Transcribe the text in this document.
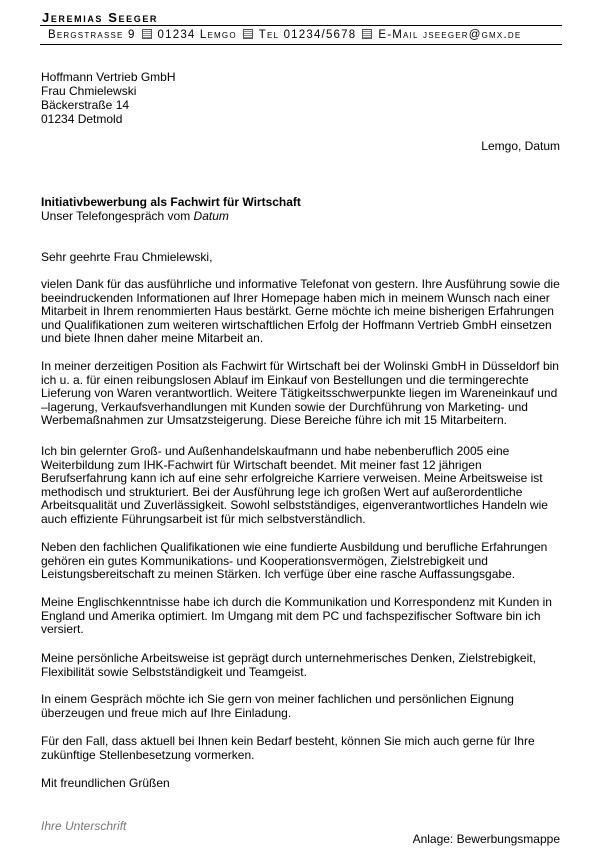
Jeremias Seeger
Bergstrasse 9 01234 Lemgo Tel 01234/5678 E-Mail jseeger@gmx.de
Hoffmann Vertrieb GmbH
Frau Chmielewski
Bäckerstraße 14
01234 Detmold
Lemgo, Datum
Initiativbewerbung als Fachwirt für Wirtschaft
Unser Telefongespräch vom Datum
Sehr geehrte Frau Chmielewski,

vielen Dank für das ausführliche und informative Telefonat von gestern. Ihre Ausführung sowie die beeindruckenden Informationen auf Ihrer Homepage haben mich in meinem Wunsch nach einer Mitarbeit in Ihrem renommierten Haus bestärkt. Gerne möchte ich meine bisherigen Erfahrungen und Qualifikationen zum weiteren wirtschaftlichen Erfolg der Hoffmann Vertrieb GmbH einsetzen und biete Ihnen daher meine Mitarbeit an.

In meiner derzeitigen Position als Fachwirt für Wirtschaft bei der Wolinski GmbH in Düsseldorf bin ich u. a. für einen reibungslosen Ablauf im Einkauf von Bestellungen und die termingerechte Lieferung von Waren verantwortlich. Weitere Tätigkeitsschwerpunkte liegen im Wareneinkauf und –lagerung, Verkaufsverhandlungen mit Kunden sowie der Durchführung von Marketing- und Werbemaßnahmen zur Umsatzsteigerung. Diese Bereiche führe ich mit 15 Mitarbeitern.

Ich bin gelernter Groß- und Außenhandelskaufmann und habe nebenberuflich 2005 eine Weiterbildung zum IHK-Fachwirt für Wirtschaft beendet. Mit meiner fast 12 jährigen Berufserfahrung kann ich auf eine sehr erfolgreiche Karriere verweisen. Meine Arbeitsweise ist methodisch und strukturiert. Bei der Ausführung lege ich großen Wert auf außerordentliche Arbeitsqualität und Zuverlässigkeit. Sowohl selbstständiges, eigenverantwortliches Handeln wie auch effiziente Führungsarbeit ist für mich selbstverständlich.

Neben den fachlichen Qualifikationen wie eine fundierte Ausbildung und berufliche Erfahrungen gehören ein gutes Kommunikations- und Kooperationsvermögen, Zielstrebigkeit und Leistungsbereitschaft zu meinen Stärken. Ich verfüge über eine rasche Auffassungsgabe.

Meine Englischkenntnisse habe ich durch die Kommunikation und Korrespondenz mit Kunden in England und Amerika optimiert. Im Umgang mit dem PC und fachspezifischer Software bin ich versiert.

Meine persönliche Arbeitsweise ist geprägt durch unternehmerisches Denken, Zielstrebigkeit, Flexibilität sowie Selbstständigkeit und Teamgeist.

In einem Gespräch möchte ich Sie gern von meiner fachlichen und persönlichen Eignung überzeugen und freue mich auf Ihre Einladung.

Für den Fall, dass aktuell bei Ihnen kein Bedarf besteht, können Sie mich auch gerne für Ihre zukünftige Stellenbesetzung vormerken.

Mit freundlichen Grüßen
Ihre Unterschrift
Anlage: Bewerbungsmappe
